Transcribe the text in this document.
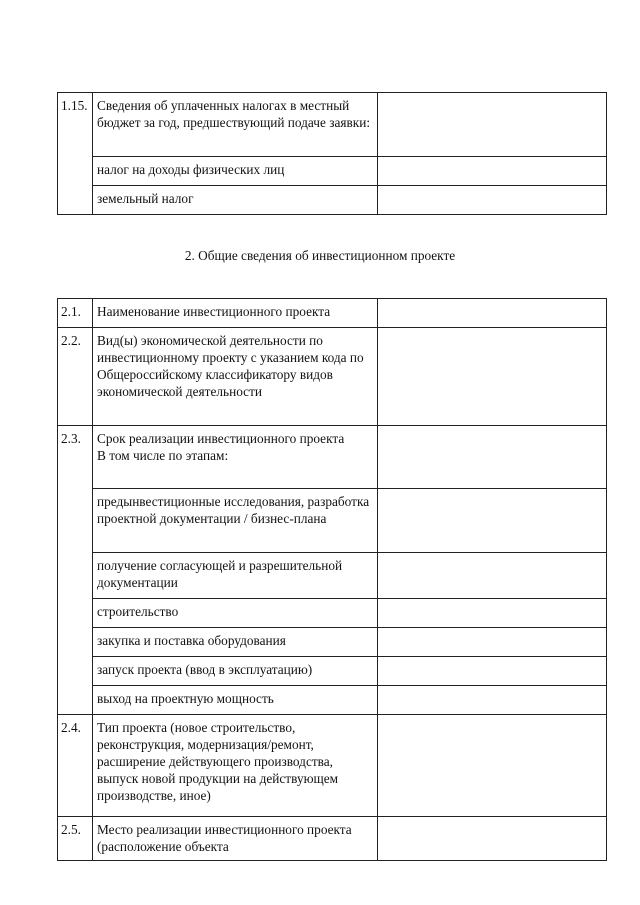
1.15.	Сведения об уплаченных налогах в местный бюджет за год, предшествующий подаче заявки:	
	налог на доходы физических лиц	
	земельный налог	
2. Общие сведения об инвестиционном проекте
2.1.	Наименование инвестиционного проекта	
2.2.	Вид(ы) экономической деятельности по инвестиционному проекту с указанием кода по Общероссийскому классификатору видов экономической деятельности	
2.3.	Срок реализации инвестиционного проекта
В том числе по этапам:	

	предынвестиционные исследования, разработка проектной документации / бизнес-плана	
	получение согласующей и разрешительной документации	
	строительство	
	закупка и поставка оборудования	
	запуск проекта (ввод в эксплуатацию)	
	выход на проектную мощность	
2.4.	Тип проекта (новое строительство, реконструкция, модернизация/ремонт, расширение действующего производства, выпуск новой продукции на действующем производстве, иное)	
2.5.	Место реализации инвестиционного проекта (расположение объекта	
